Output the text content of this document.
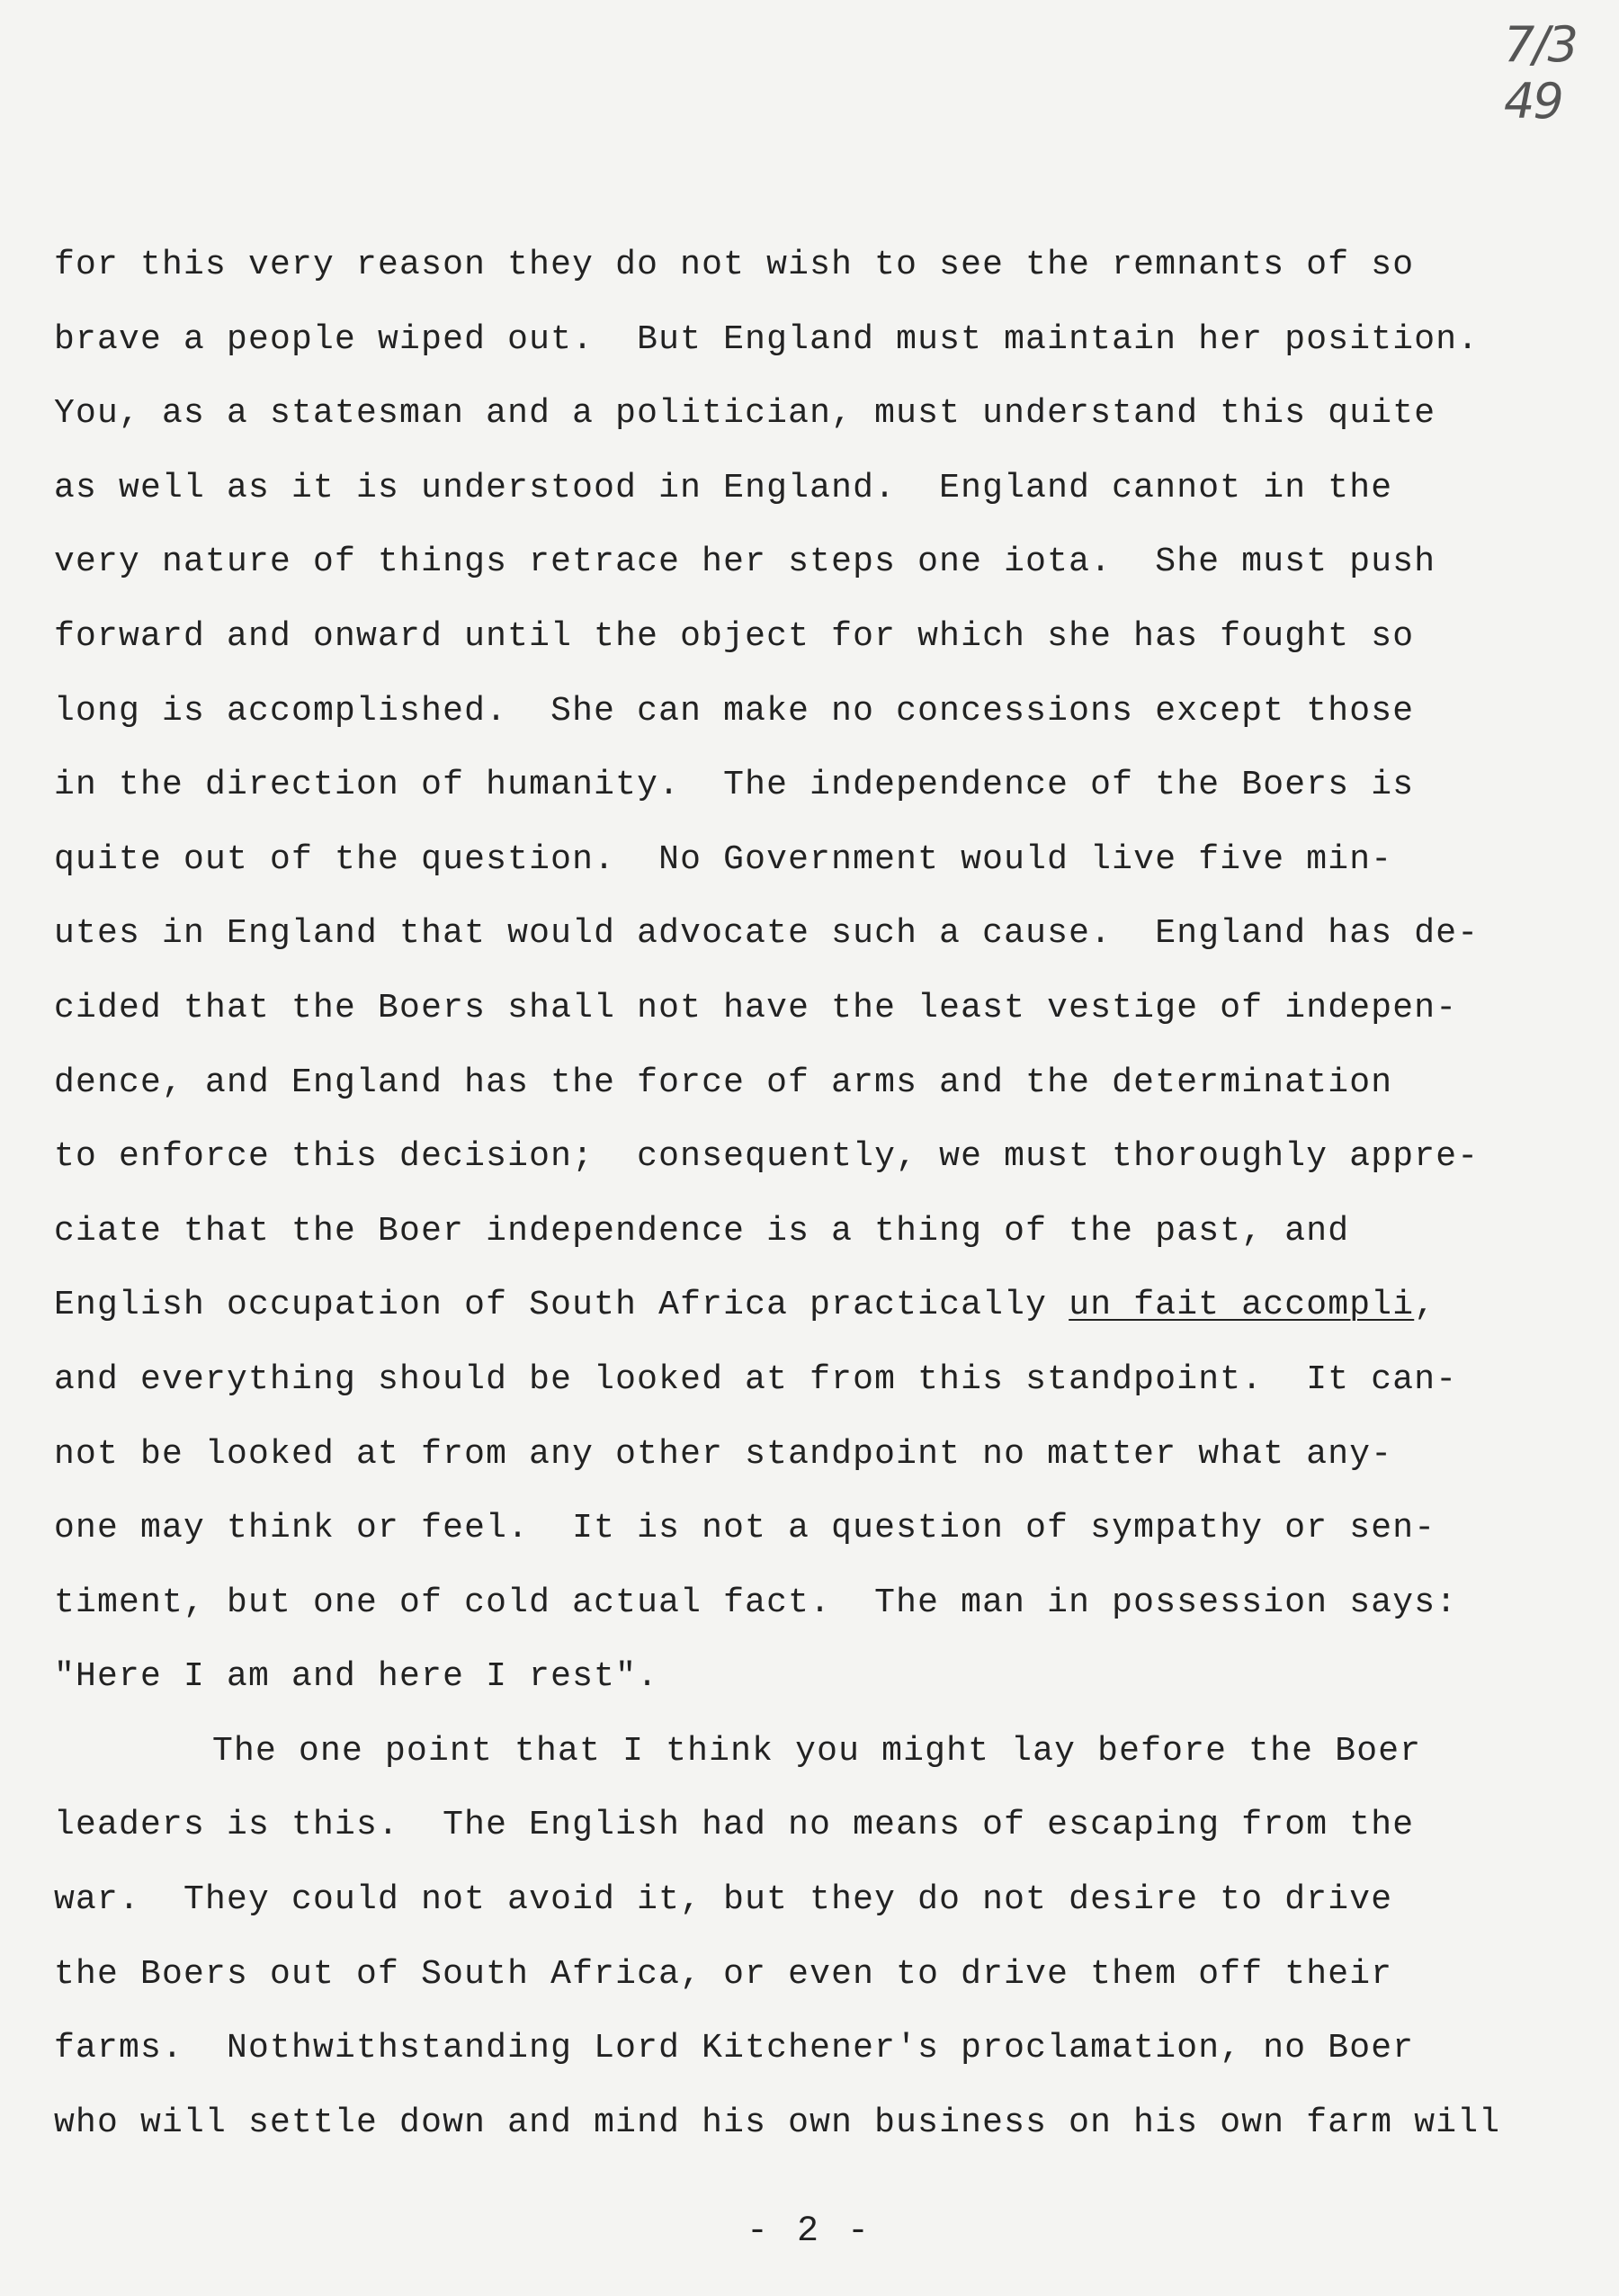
7/3 49
for this very reason they do not wish to see the remnants of so
brave a people wiped out.  But England must maintain her position.
You, as a statesman and a politician, must understand this quite
as well as it is understood in England.  England cannot in the
very nature of things retrace her steps one iota.  She must push
forward and onward until the object for which she has fought so
long is accomplished.  She can make no concessions except those
in the direction of humanity.  The independence of the Boers is
quite out of the question.  No Government would live five min-
utes in England that would advocate such a cause.  England has de-
cided that the Boers shall not have the least vestige of indepen-
dence, and England has the force of arms and the determination
to enforce this decision;  consequently, we must thoroughly appre-
ciate that the Boer independence is a thing of the past, and
English occupation of South Africa practically un fait accompli,
and everything should be looked at from this standpoint.  It can-
not be looked at from any other standpoint no matter what any-
one may think or feel.  It is not a question of sympathy or sen-
timent, but one of cold actual fact.  The man in possession says:
"Here I am and here I rest".
The one point that I think you might lay before the Boer
leaders is this.  The English had no means of escaping from the
war.  They could not avoid it, but they do not desire to drive
the Boers out of South Africa, or even to drive them off their
farms.  Nothwithstanding Lord Kitchener's proclamation, no Boer
who will settle down and mind his own business on his own farm will
- 2 -
